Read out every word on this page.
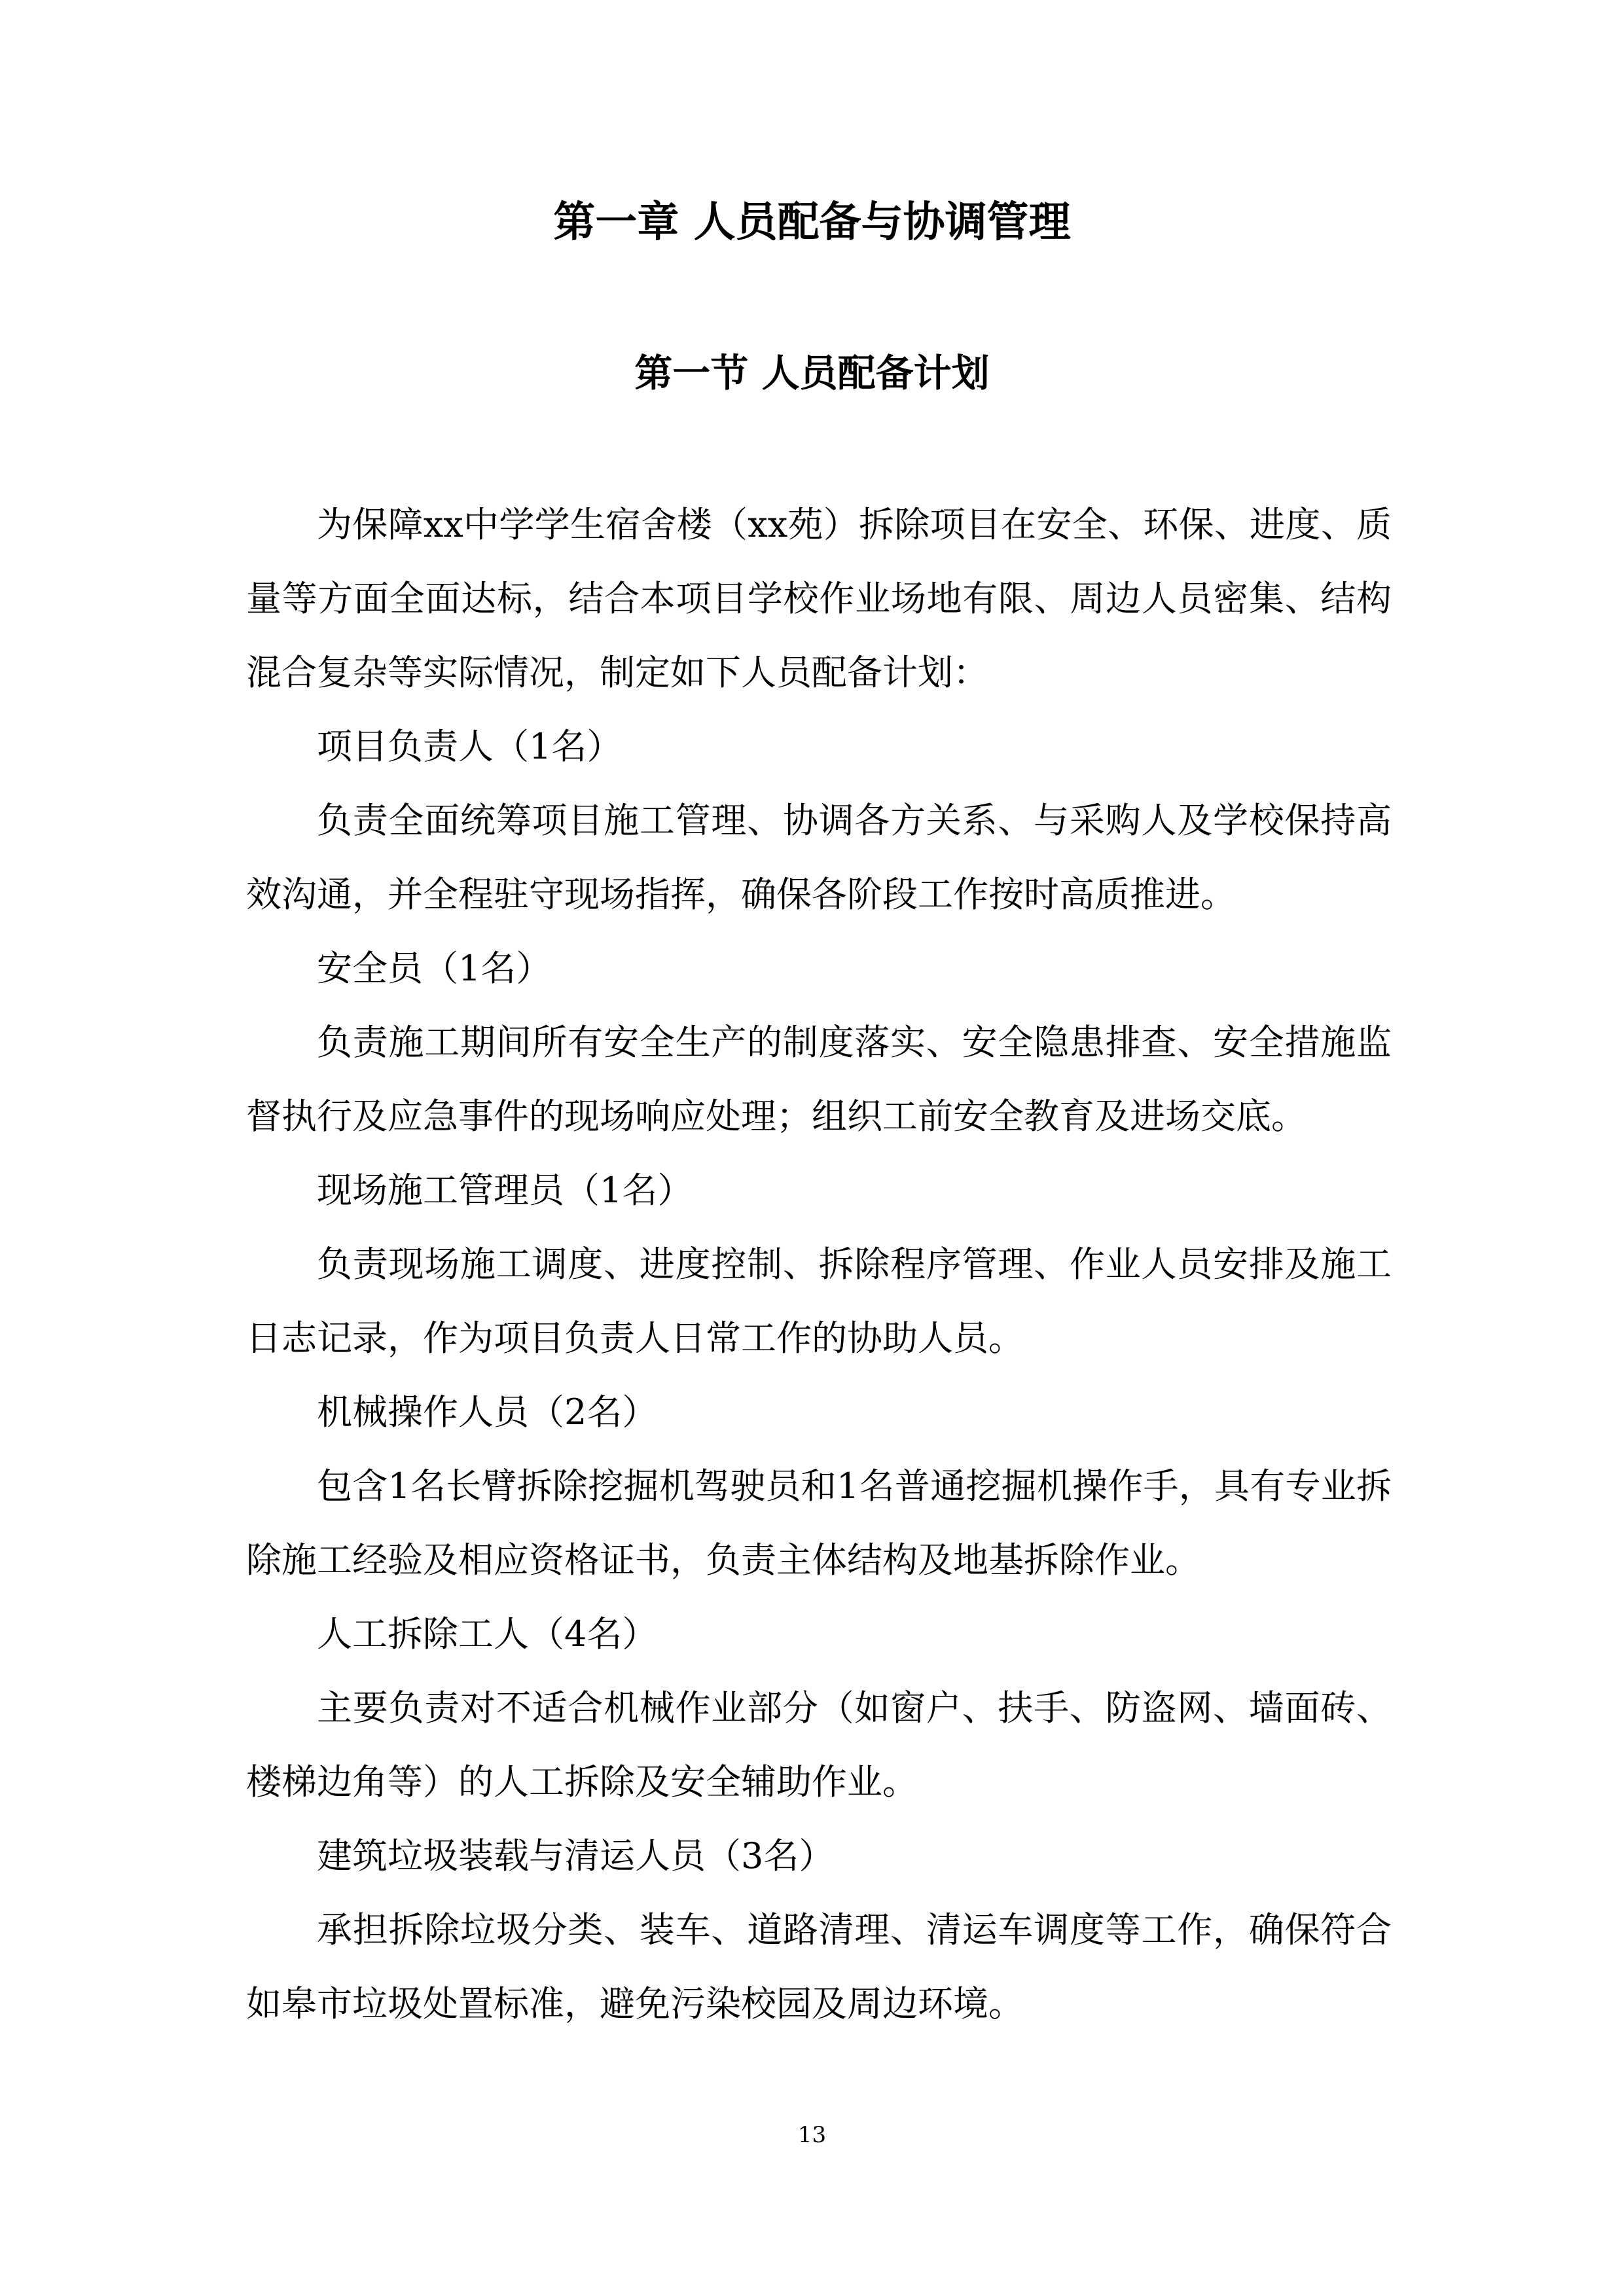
第一章 人员配备与协调管理
第一节 人员配备计划

为保障xx中学学生宿舍楼（xx苑）拆除项目在安全、环保、进度、质量等方面全面达标，结合本项目学校作业场地有限、周边人员密集、结构混合复杂等实际情况，制定如下人员配备计划：

项目负责人（1名）

负责全面统筹项目施工管理、协调各方关系、与采购人及学校保持高效沟通，并全程驻守现场指挥，确保各阶段工作按时高质推进。

安全员（1名）

负责施工期间所有安全生产的制度落实、安全隐患排查、安全措施监督执行及应急事件的现场响应处理；组织工前安全教育及进场交底。

现场施工管理员（1名）

负责现场施工调度、进度控制、拆除程序管理、作业人员安排及施工日志记录，作为项目负责人日常工作的协助人员。

机械操作人员（2名）

包含1名长臂拆除挖掘机驾驶员和1名普通挖掘机操作手，具有专业拆除施工经验及相应资格证书，负责主体结构及地基拆除作业。

人工拆除工人（4名）

主要负责对不适合机械作业部分（如窗户、扶手、防盗网、墙面砖、楼梯边角等）的人工拆除及安全辅助作业。

建筑垃圾装载与清运人员（3名）

承担拆除垃圾分类、装车、道路清理、清运车调度等工作，确保符合如皋市垃圾处置标准，避免污染校园及周边环境。

13
